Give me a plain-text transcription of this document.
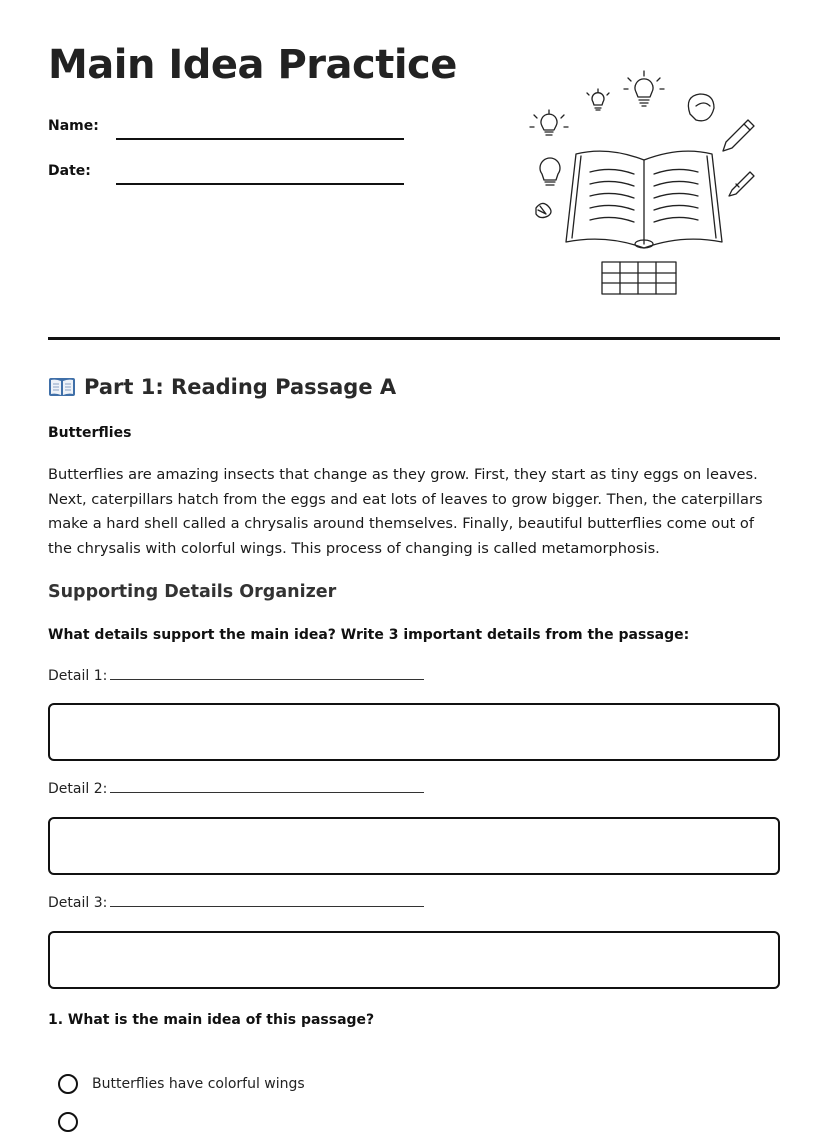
Main Idea Practice
Name:
Date:
Part 1: Reading Passage A
Butterflies

Butterflies are amazing insects that change as they grow. First, they start as tiny eggs on leaves. Next, caterpillars hatch from the eggs and eat lots of leaves to grow bigger. Then, the caterpillars make a hard shell called a chrysalis around themselves. Finally, beautiful butterflies come out of the chrysalis with colorful wings. This process of changing is called metamorphosis.

Supporting Details Organizer

What details support the main idea? Write 3 important details from the passage:

Detail 1:

Detail 2:

Detail 3:

1. What is the main idea of this passage?

Butterflies have colorful wings
